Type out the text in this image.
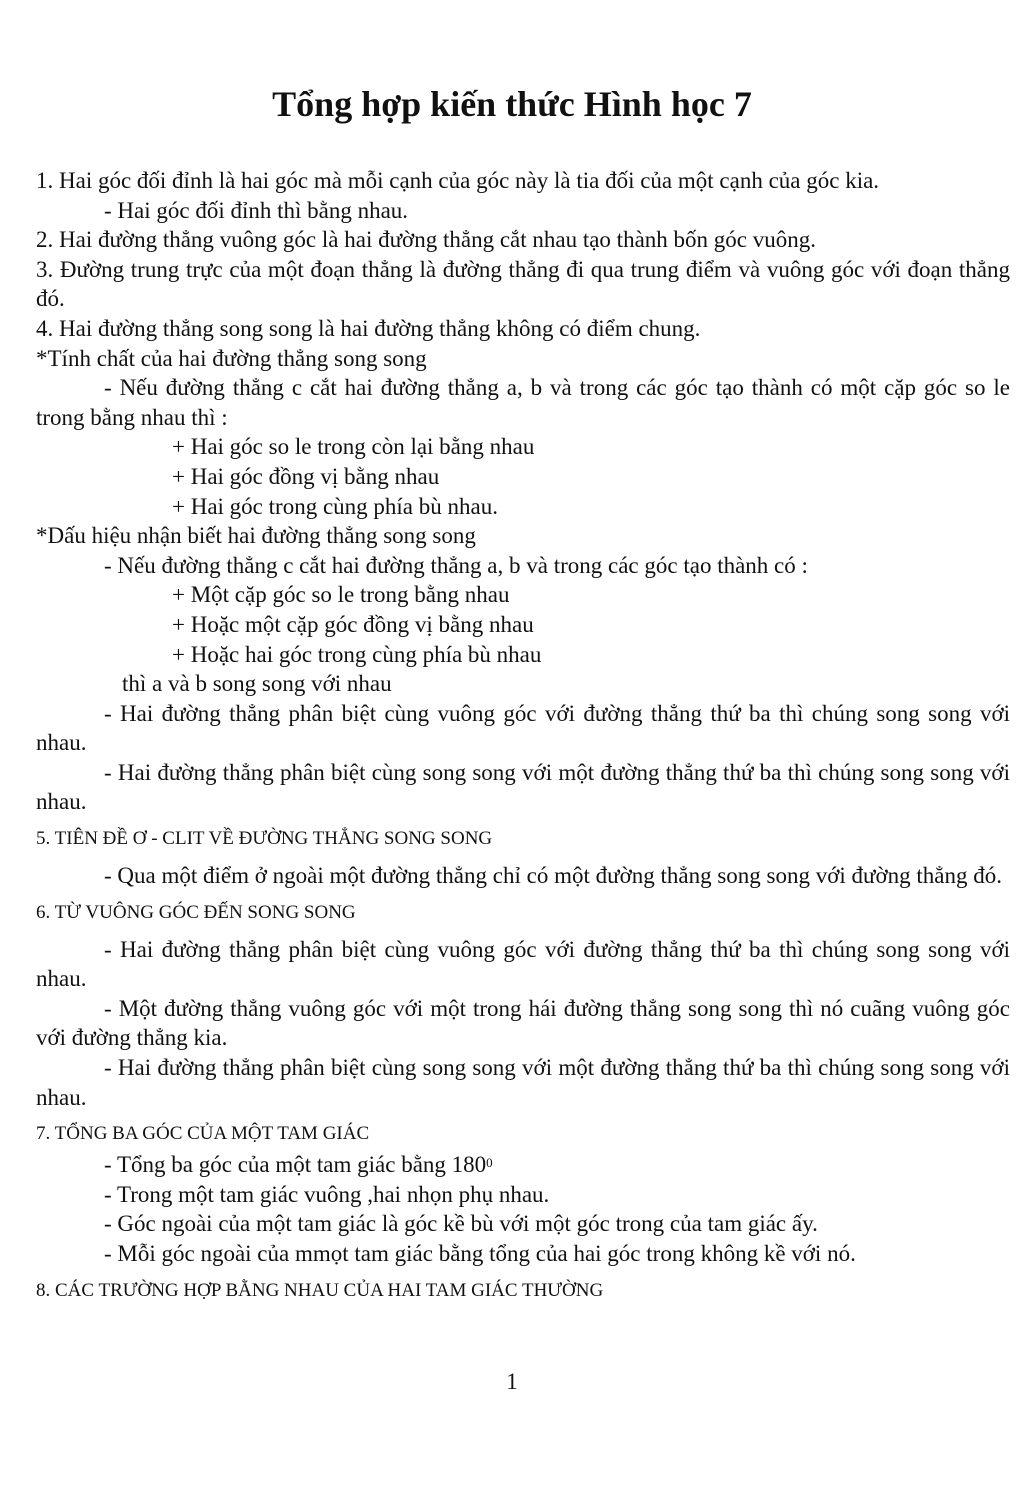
Tổng hợp kiến thức Hình học 7
1. Hai góc đối đỉnh là hai góc mà mỗi cạnh của góc này là tia đối của một cạnh của góc kia.
- Hai góc đối đỉnh thì bằng nhau.
2. Hai đường thẳng vuông góc là hai đường thẳng cắt nhau tạo thành bốn góc vuông.
3. Đường trung trực của một đoạn thẳng là đường thẳng đi qua trung điểm và vuông góc với đoạn thẳng đó.
4. Hai đường thẳng song song là hai đường thẳng không có điểm chung.
*Tính chất của hai đường thẳng song song
- Nếu đường thẳng c cắt hai đường thẳng a, b và trong các góc tạo thành có một cặp góc so le trong bằng nhau thì :
+ Hai góc so le trong còn lại bằng nhau
+ Hai góc đồng vị bằng nhau
+ Hai góc trong cùng phía bù nhau.
*Dấu hiệu nhận biết hai đường thẳng song song
- Nếu đường thẳng c cắt hai đường thẳng a, b và trong các góc tạo thành có :
+ Một cặp góc so le trong bằng nhau
+ Hoặc một cặp góc đồng vị bằng nhau
+ Hoặc hai góc trong cùng phía bù nhau
thì a và b song song với nhau
- Hai đường thẳng phân biệt cùng vuông góc với đường thẳng thứ ba thì chúng song song với nhau.
- Hai đường thẳng phân biệt cùng song song với một đường thẳng thứ ba thì chúng song song với nhau.
5. TIÊN ĐỀ Ơ - CLIT VỀ ĐƯỜNG THẲNG SONG SONG
- Qua một điểm ở ngoài một đường thẳng chỉ có một đường thẳng song song với đường thẳng đó.
6. TỪ VUÔNG GÓC ĐẾN SONG SONG
- Hai đường thẳng phân biệt cùng vuông góc với đường thẳng thứ ba thì chúng song song với nhau.
- Một đường thẳng vuông góc với một trong hái đường thẳng song song thì nó cuãng vuông góc với đường thẳng kia.
- Hai đường thẳng phân biệt cùng song song với một đường thẳng thứ ba thì chúng song song với nhau.
7. TỔNG BA GÓC CỦA MỘT TAM GIÁC
- Tổng ba góc của một tam giác bằng $180^0$
- Trong một tam giác vuông ,hai nhọn phụ nhau.
- Góc ngoài của một tam giác là góc kề bù với một góc trong của tam giác ấy.
- Mỗi góc ngoài của mmọt tam giác bằng tổng của hai góc trong không kề với nó.
8. CÁC TRƯỜNG HỢP BẰNG NHAU CỦA HAI TAM GIÁC THƯỜNG
1
